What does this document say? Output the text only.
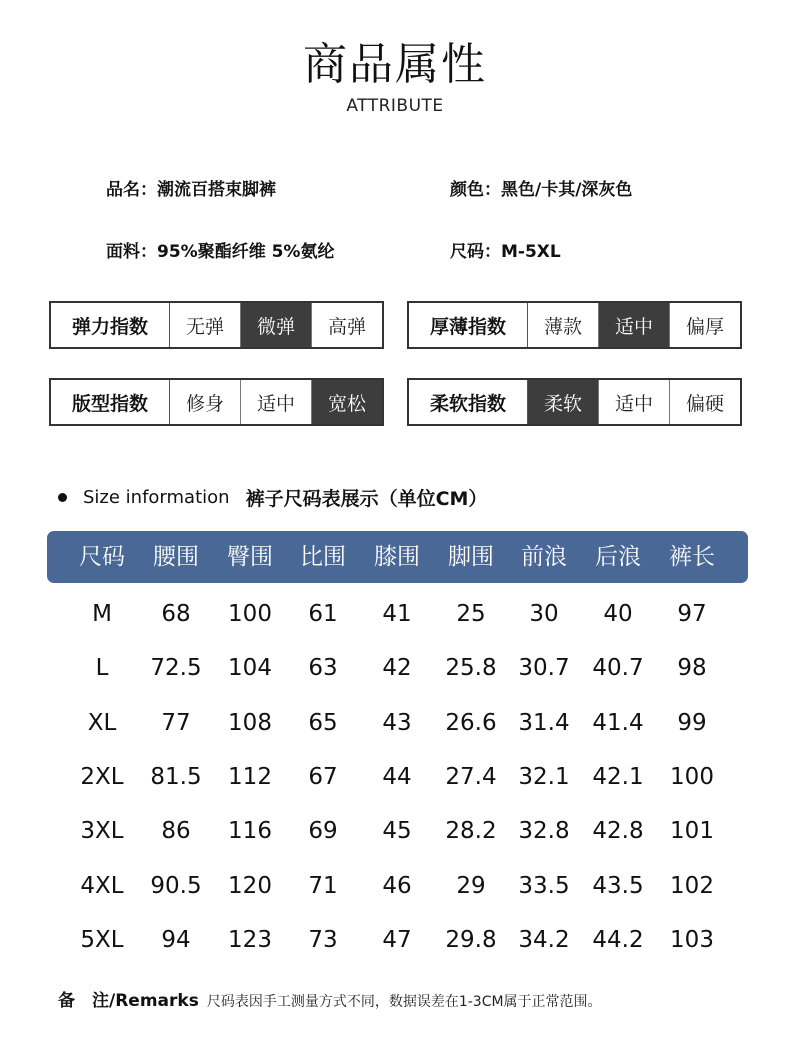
商品属性
ATTRIBUTE
品名：潮流百搭束脚裤	颜色：黑色/卡其/深灰色
面料：95%聚酯纤维 5%氨纶	尺码：M-5XL
弹力指数	无弹	微弹	高弹	厚薄指数	薄款	适中	偏厚
版型指数	修身	适中	宽松	柔软指数	柔软	适中	偏硬
Size information 裤子尺码表展示（单位CM）
尺码 腰围 臀围 比围 膝围 脚围 前浪 后浪 裤长
M 68 100 61 41 25 30 40 97
L 72.5 104 63 42 25.8 30.7 40.7 98
XL 77 108 65 43 26.6 31.4 41.4 99
2XL 81.5 112 67 44 27.4 32.1 42.1 100
3XL 86 116 69 45 28.2 32.8 42.8 101
4XL 90.5 120 71 46 29 33.5 43.5 102
5XL 94 123 73 47 29.8 34.2 44.2 103
备　注/Remarks 尺码表因手工测量方式不同，数据误差在1-3CM属于正常范围。
